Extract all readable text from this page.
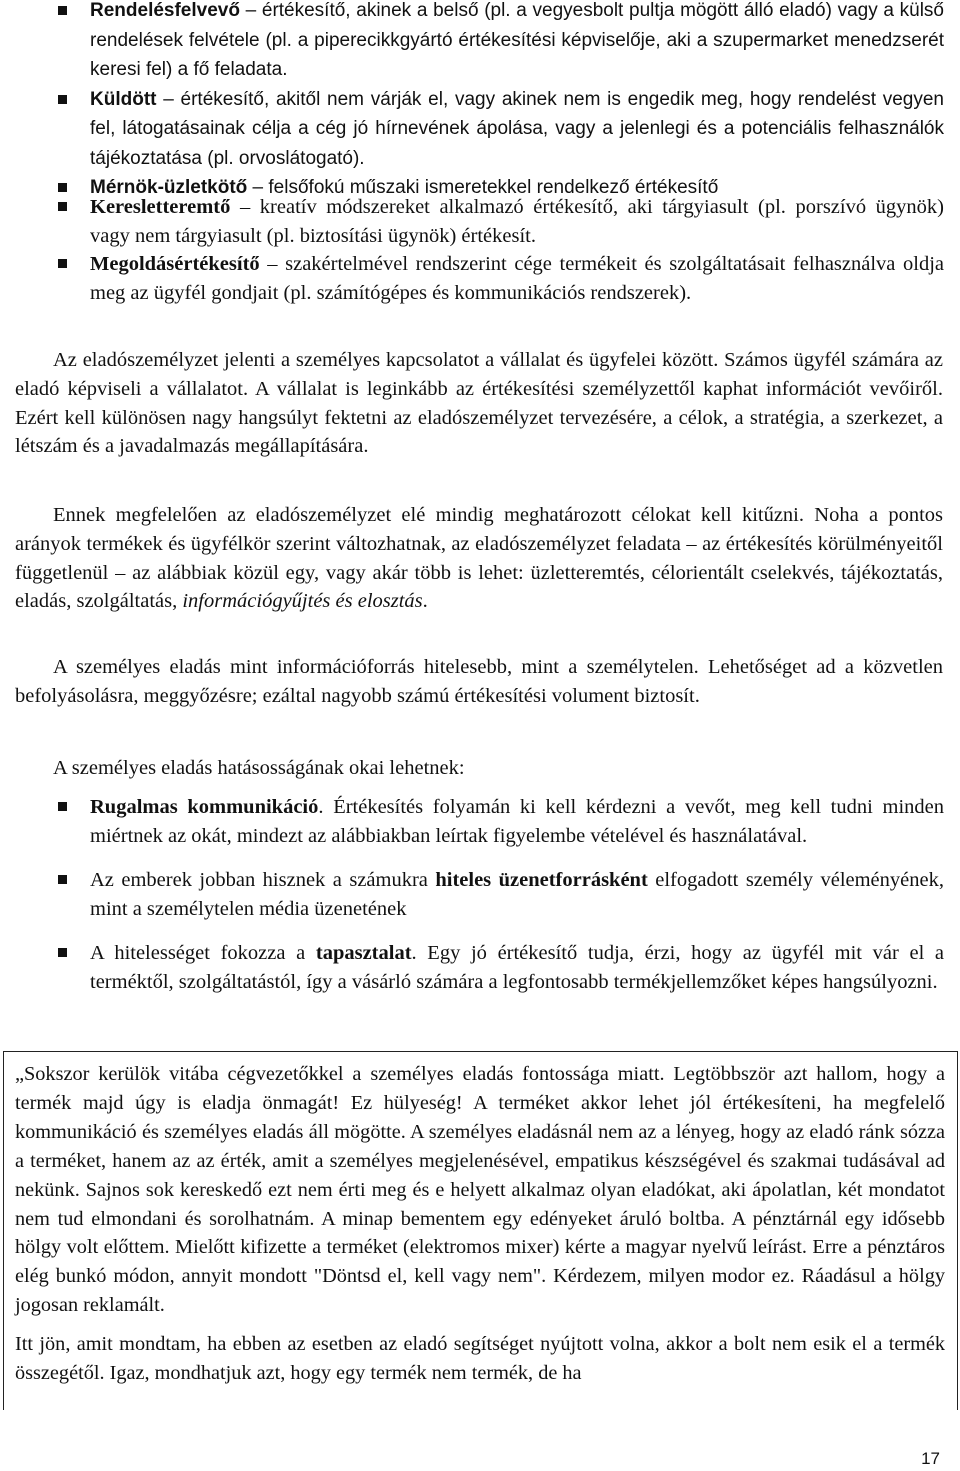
Rendelésfelvevő – értékesítő, akinek a belső (pl. a vegyesbolt pultja mögött álló eladó) vagy a külső rendelések felvétele (pl. a piperecikkgyártó értékesítési képviselője, aki a szupermarket menedzserét keresi fel) a fő feladata.
Küldött – értékesítő, akitől nem várják el, vagy akinek nem is engedik meg, hogy rendelést vegyen fel, látogatásainak célja a cég jó hírnevének ápolása, vagy a jelenlegi és a potenciális felhasználók tájékoztatása (pl. orvoslátogató).
Mérnök-üzletkötő – felsőfokú műszaki ismeretekkel rendelkező értékesítő
Keresletteremtő – kreatív módszereket alkalmazó értékesítő, aki tárgyiasult (pl. porszívó ügynök) vagy nem tárgyiasult (pl. biztosítási ügynök) értékesít.
Megoldásértékesítő – szakértelmével rendszerint cége termékeit és szolgáltatásait felhasználva oldja meg az ügyfél gondjait (pl. számítógépes és kommunikációs rendszerek).

Az eladószemélyzet jelenti a személyes kapcsolatot a vállalat és ügyfelei között. Számos ügyfél számára az eladó képviseli a vállalatot. A vállalat is leginkább az értékesítési személyzettől kaphat információt vevőiről. Ezért kell különösen nagy hangsúlyt fektetni az eladószemélyzet tervezésére, a célok, a stratégia, a szerkezet, a létszám és a javadalmazás megállapítására.

Ennek megfelelően az eladószemélyzet elé mindig meghatározott célokat kell kitűzni. Noha a pontos arányok termékek és ügyfélkör szerint változhatnak, az eladószemélyzet feladata – az értékesítés körülményeitől függetlenül – az alábbiak közül egy, vagy akár több is lehet: üzletteremtés, célorientált cselekvés, tájékoztatás, eladás, szolgáltatás, információgyűjtés és elosztás.

A személyes eladás mint információforrás hitelesebb, mint a személytelen. Lehetőséget ad a közvetlen befolyásolásra, meggyőzésre; ezáltal nagyobb számú értékesítési volument biztosít.

A személyes eladás hatásosságának okai lehetnek:

Rugalmas kommunikáció. Értékesítés folyamán ki kell kérdezni a vevőt, meg kell tudni minden miértnek az okát, mindezt az alábbiakban leírtak figyelembe vételével és használatával.
Az emberek jobban hisznek a számukra hiteles üzenetforrásként elfogadott személy véleményének, mint a személytelen média üzenetének
A hitelességet fokozza a tapasztalat. Egy jó értékesítő tudja, érzi, hogy az ügyfél mit vár el a terméktől, szolgáltatástól, így a vásárló számára a legfontosabb termékjellemzőket képes hangsúlyozni.

„Sokszor kerülök vitába cégvezetőkkel a személyes eladás fontossága miatt. Legtöbbször azt hallom, hogy a termék majd úgy is eladja önmagát! Ez hülyeség! A terméket akkor lehet jól értékesíteni, ha megfelelő kommunikáció és személyes eladás áll mögötte. A személyes eladásnál nem az a lényeg, hogy az eladó ránk sózza a terméket, hanem az az érték, amit a személyes megjelenésével, empatikus készségével és szakmai tudásával ad nekünk. Sajnos sok kereskedő ezt nem érti meg és e helyett alkalmaz olyan eladókat, aki ápolatlan, két mondatot nem tud elmondani és sorolhatnám. A minap bementem egy edényeket áruló boltba. A pénztárnál egy idősebb hölgy volt előttem. Mielőtt kifizette a terméket (elektromos mixer) kérte a magyar nyelvű leírást. Erre a pénztáros elég bunkó módon, annyit mondott "Döntsd el, kell vagy nem". Kérdezem, milyen modor ez. Ráadásul a hölgy jogosan reklamált.

Itt jön, amit mondtam, ha ebben az esetben az eladó segítséget nyújtott volna, akkor a bolt nem esik el a termék összegétől. Igaz, mondhatjuk azt, hogy egy termék nem termék, de ha

17
